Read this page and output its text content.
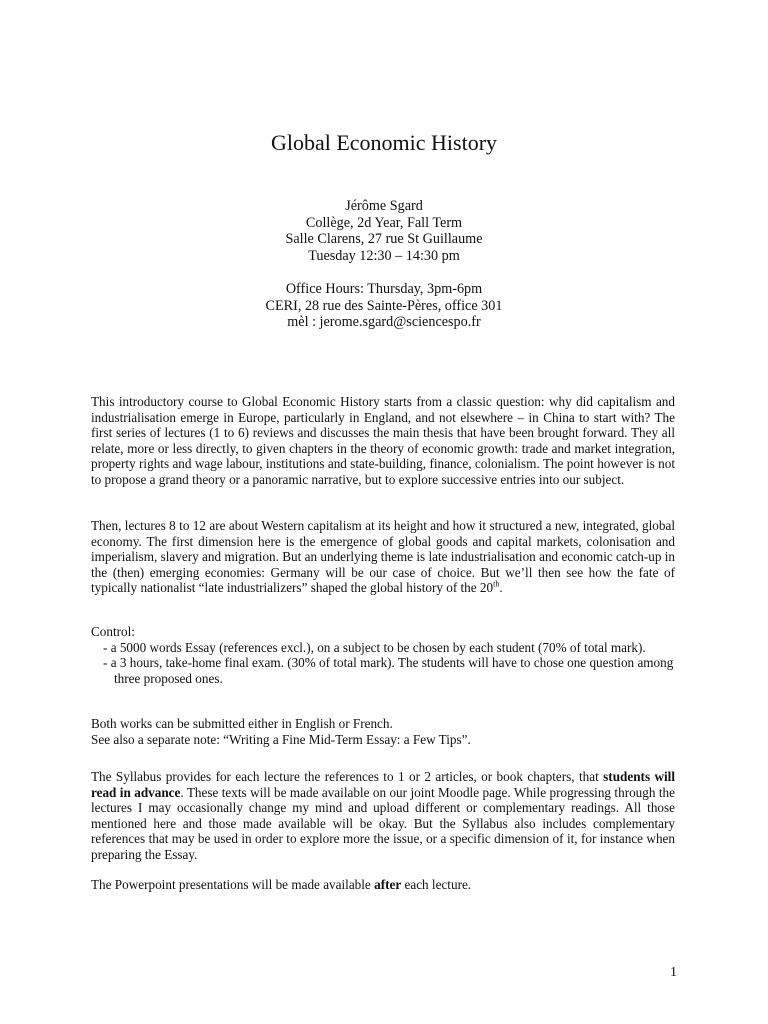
Global Economic History
Jérôme Sgard
Collège, 2d Year, Fall Term
Salle Clarens, 27 rue St Guillaume
Tuesday 12:30 – 14:30 pm
Office Hours: Thursday, 3pm-6pm
CERI, 28 rue des Sainte-Pères, office 301
mèl : jerome.sgard@sciencespo.fr

This introductory course to Global Economic History starts from a classic question: why did capitalism and industrialisation emerge in Europe, particularly in England, and not elsewhere – in China to start with? The first series of lectures (1 to 6) reviews and discusses the main thesis that have been brought forward. They all relate, more or less directly, to given chapters in the theory of economic growth: trade and market integration, property rights and wage labour, institutions and state-building, finance, colonialism. The point however is not to propose a grand theory or a panoramic narrative, but to explore successive entries into our subject.

Then, lectures 8 to 12 are about Western capitalism at its height and how it structured a new, integrated, global economy. The first dimension here is the emergence of global goods and capital markets, colonisation and imperialism, slavery and migration. But an underlying theme is late industrialisation and economic catch-up in the (then) emerging economies: Germany will be our case of choice. But we’ll then see how the fate of typically nationalist “late industrializers” shaped the global history of the 20th.

Control:

- a 5000 words Essay (references excl.), on a subject to be chosen by each student (70% of total mark).

- a 3 hours, take-home final exam. (30% of total mark). The students will have to chose one question among three proposed ones.

Both works can be submitted either in English or French.
See also a separate note: “Writing a Fine Mid-Term Essay: a Few Tips”.

The Syllabus provides for each lecture the references to 1 or 2 articles, or book chapters, that students will read in advance. These texts will be made available on our joint Moodle page. While progressing through the lectures I may occasionally change my mind and upload different or complementary readings. All those mentioned here and those made available will be okay. But the Syllabus also includes complementary references that may be used in order to explore more the issue, or a specific dimension of it, for instance when preparing the Essay.

The Powerpoint presentations will be made available after each lecture.

1
